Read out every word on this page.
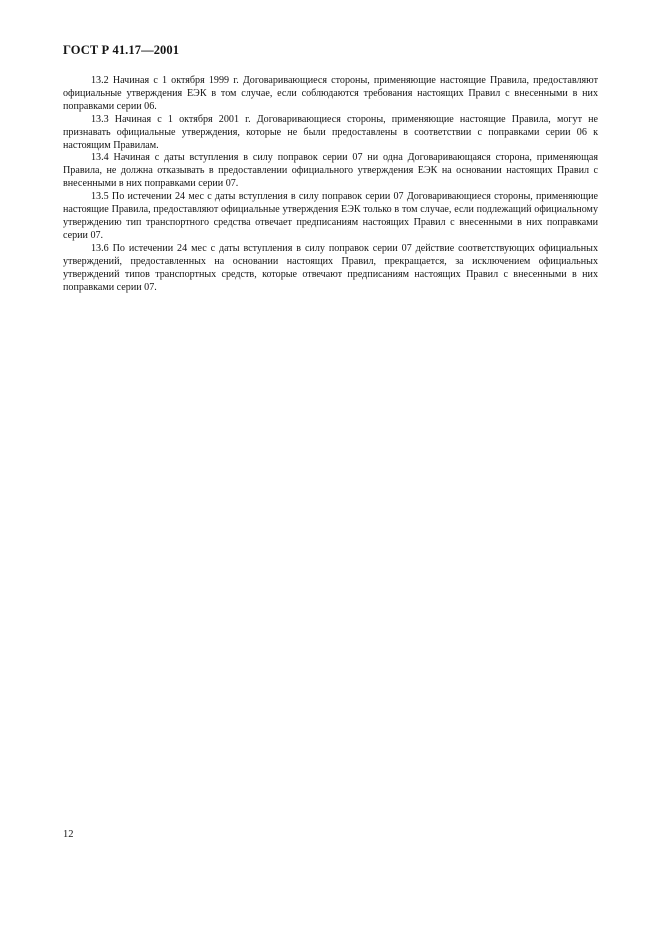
ГОСТ Р 41.17—2001

13.2 Начиная с 1 октября 1999 г. Договаривающиеся стороны, применяющие настоящие Правила, предоставляют официальные утверждения ЕЭК в том случае, если соблюдаются требования настоящих Правил с внесенными в них поправками серии 06.

13.3 Начиная с 1 октября 2001 г. Договаривающиеся стороны, применяющие настоящие Правила, могут не признавать официальные утверждения, которые не были предоставлены в соответствии с поправками серии 06 к настоящим Правилам.

13.4 Начиная с даты вступления в силу поправок серии 07 ни одна Договаривающаяся сторона, применяющая Правила, не должна отказывать в предоставлении официального утверждения ЕЭК на основании настоящих Правил с внесенными в них поправками серии 07.

13.5 По истечении 24 мес с даты вступления в силу поправок серии 07 Договаривающиеся стороны, применяющие настоящие Правила, предоставляют официальные утверждения ЕЭК только в том случае, если подлежащий официальному утверждению тип транспортного средства отвечает предписаниям настоящих Правил с внесенными в них поправками серии 07.

13.6 По истечении 24 мес с даты вступления в силу поправок серии 07 действие соответствующих официальных утверждений, предоставленных на основании настоящих Правил, прекращается, за исключением официальных утверждений типов транспортных средств, которые отвечают предписаниям настоящих Правил с внесенными в них поправками серии 07.

12
